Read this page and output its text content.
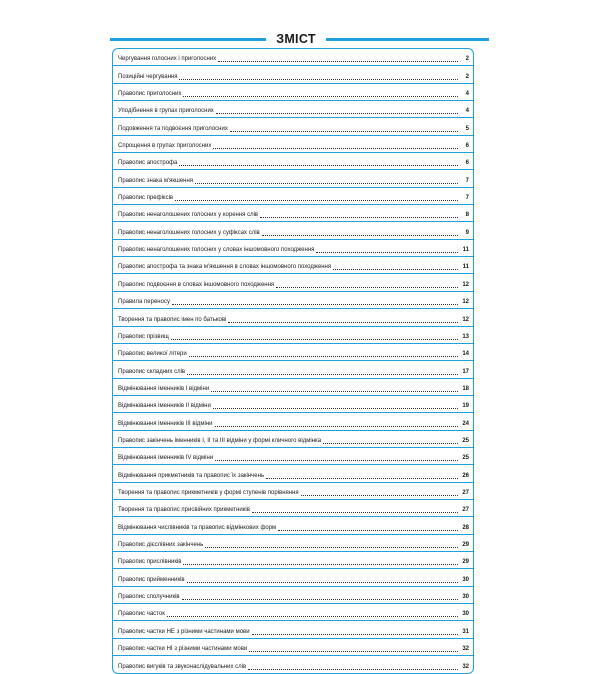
ЗМІСТ
Чергування голосних і приголосних	2
Позиційні чергування	2
Правопис приголосних	4
Уподібнення в групах приголосних	4
Подовження та подвоєння приголосних	5
Спрощення в групах приголосних	6
Правопис апострофа	6
Правопис знака м'якшення	7
Правопис префіксів	7
Правопис ненаголошених голосних у корення слів	8
Правопис ненаголошених голосних у суфіксах слів	9
Правопис ненаголошених голосних у словах іншомовного походження	11
Правопис апострофа та знака м'якшення в словах іншомовного походження	11
Правопис подвоєння в словах іншомовного походження	12
Правила переносу	12
Творення та правопис імен по батькові	12
Правопис прізвищ	13
Правопис великої літери	14
Правопис складних слів	17
Відмінювання іменників І відміни	18
Відмінювання іменників ІІ відміни	19
Відмінювання іменників ІІІ відміни	24
Правопис закінчень іменників І, ІІ та ІІІ відміни у формі кличного відмінка	25
Відмінювання іменників IV відміни	25
Відмінювання прикметників та правопис їх закінчень	26
Творення та правопис прикметників у формі ступенів порівняння	27
Творення та правопис присвійних прикметників	27
Відмінювання числівників та правопис відмінкових форм	28
Правопис дієслівних закінчень	29
Правопис прислівників	29
Правопис прийменників	30
Правопис сполучників	30
Правопис часток	30
Правопис частки НЕ з різними частинами мови	31
Правопис частки НІ з різними частинами мови	32
Правопис вигуків та звуконаслідувальних слів	32
